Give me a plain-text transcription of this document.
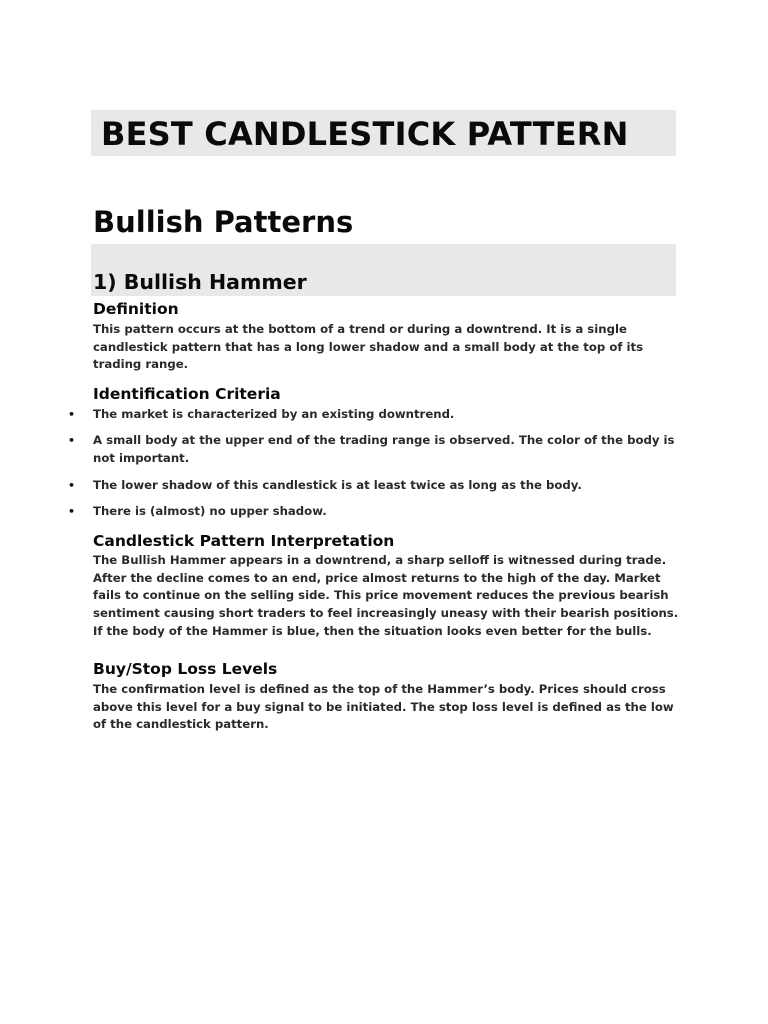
BEST CANDLESTICK PATTERN
Bullish Patterns
1) Bullish Hammer
Definition

This pattern occurs at the bottom of a trend or during a downtrend. It is a single candlestick pattern that has a long lower shadow and a small body at the top of its trading range.

Identification Criteria
•	The market is characterized by an existing downtrend.
•	A small body at the upper end of the trading range is observed. The color of the body is not important.
•	The lower shadow of this candlestick is at least twice as long as the body.
•	There is (almost) no upper shadow.
Candlestick Pattern Interpretation

The Bullish Hammer appears in a downtrend, a sharp selloff is witnessed during trade. After the decline comes to an end, price almost returns to the high of the day. Market fails to continue on the selling side. This price movement reduces the previous bearish sentiment causing short traders to feel increasingly uneasy with their bearish positions. If the body of the Hammer is blue, then the situation looks even better for the bulls.

Buy/Stop Loss Levels

The confirmation level is defined as the top of the Hammer’s body. Prices should cross above this level for a buy signal to be initiated. The stop loss level is defined as the low of the candlestick pattern.
